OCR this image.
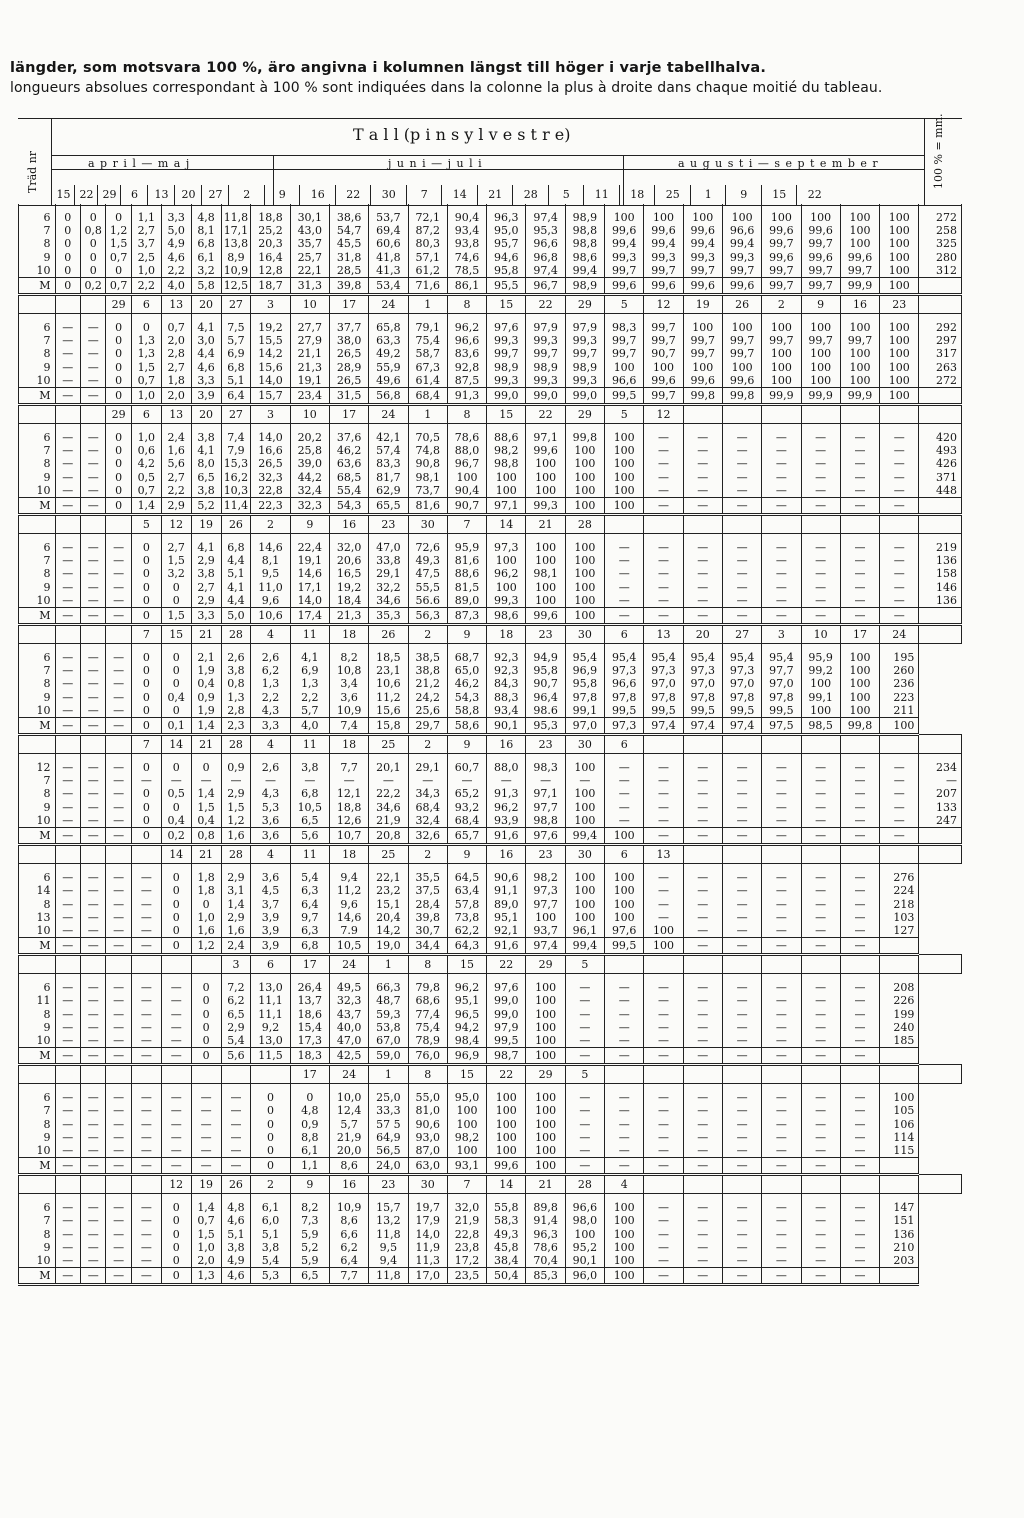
längder, som motsvara 100 %, äro angivna i kolumnen längst till höger i varje tabellhalva.
longueurs absolues correspondant à 100 % sont indiquées dans la colonne la plus à droite dans chaque moitié du tableau.
Träd nr
T a l l (p i n s y l v e s t r e)
a p r i l — m a j	j u n i — j u l i	a u g u s t i — s e p t e m b e r	100 % = mm.
15 22 29	6	13	20	27	2	9	16	22	30	7	14	21	28	5	11	18	25	1	9	15	22

6	0	0	0	1,1	3,3	4,8	11,8	18,8	30,1	38,6	53,7	72,1	90,4	96,3	97,4	98,9	100	100	100	100	100	100	100	100	272
7	0	0,8	1,2	2,7	5,0	8,1	17,1	25,2	43,0	54,7	69,4	87,2	93,4	95,0	95,3	98,8	99,6	99,6	99,6	96,6	99,6	99,6	100	100	258
8	0	0	1,5	3,7	4,9	6,8	13,8	20,3	35,7	45,5	60,6	80,3	93,8	95,7	96,6	98,8	99,4	99,4	99,4	99,4	99,7	99,7	100	100	325
9	0	0	0,7	2,5	4,6	6,1	8,9	16,4	25,7	31,8	41,8	57,1	74,6	94,6	96,8	98,6	99,3	99,3	99,3	99,3	99,6	99,6	99,6	100	280
10	0	0	0	1,0	2,2	3,2	10,9	12,8	22,1	28,5	41,3	61,2	78,5	95,8	97,4	99,4	99,7	99,7	99,7	99,7	99,7	99,7	99,7	100	312
M	0	0,2	0,7	2,2	4,0	5,8	12,5	18,7	31,3	39,8	53,4	71,6	86,1	95,5	96,7	98,9	99,6	99,6	99,6	99,6	99,7	99,7	99,9	100	
			29	6	13	20	27	3	10	17	24	1	8	15	22	29	5	12	19	26	2	9	16	23	
6	—	—	0	0	0,7	4,1	7,5	19,2	27,7	37,7	65,8	79,1	96,2	97,6	97,9	97,9	98,3	99,7	100	100	100	100	100	100	292
7	—	—	0	1,3	2,0	3,0	5,7	15,5	27,9	38,0	63,3	75,4	96,6	99,3	99,3	99,3	99,7	99,7	99,7	99,7	99,7	99,7	99,7	100	297
8	—	—	0	1,3	2,8	4,4	6,9	14,2	21,1	26,5	49,2	58,7	83,6	99,7	99,7	99,7	99,7	90,7	99,7	99,7	100	100	100	100	317
9	—	—	0	1,5	2,7	4,6	6,8	15,6	21,3	28,9	55,9	67,3	92,8	98,9	98,9	98,9	100	100	100	100	100	100	100	100	263
10	—	—	0	0,7	1,8	3,3	5,1	14,0	19,1	26,5	49,6	61,4	87,5	99,3	99,3	99,3	96,6	99,6	99,6	99,6	100	100	100	100	272
M	—	—	0	1,0	2,0	3,9	6,4	15,7	23,4	31,5	56,8	68,4	91,3	99,0	99,0	99,0	99,5	99,7	99,8	99,8	99,9	99,9	99,9	100	
			29	6	13	20	27	3	10	17	24	1	8	15	22	29	5	12							
6	—	—	0	1,0	2,4	3,8	7,4	14,0	20,2	37,6	42,1	70,5	78,6	88,6	97,1	99,8	100	—	—	—	—	—	—	—	420
7	—	—	0	0,6	1,6	4,1	7,9	16,6	25,8	46,2	57,4	74,8	88,0	98,2	99,6	100	100	—	—	—	—	—	—	—	493
8	—	—	0	4,2	5,6	8,0	15,3	26,5	39,0	63,6	83,3	90,8	96,7	98,8	100	100	100	—	—	—	—	—	—	—	426
9	—	—	0	0,5	2,7	6,5	16,2	32,3	44,2	68,5	81,7	98,1	100	100	100	100	100	—	—	—	—	—	—	—	371
10	—	—	0	0,7	2,2	3,8	10,3	22,8	32,4	55,4	62,9	73,7	90,4	100	100	100	100	—	—	—	—	—	—	—	448
M	—	—	0	1,4	2,9	5,2	11,4	22,3	32,3	54,3	65,5	81,6	90,7	97,1	99,3	100	100	—	—	—	—	—	—	—	
				5	12	19	26	2	9	16	23	30	7	14	21	28									
6	—	—	—	0	2,7	4,1	6,8	14,6	22,4	32,0	47,0	72,6	95,9	97,3	100	100	—	—	—	—	—	—	—	—	219
7	—	—	—	0	1,5	2,9	4,4	8,1	19,1	20,6	33,8	49,3	81,6	100	100	100	—	—	—	—	—	—	—	—	136
8	—	—	—	0	3,2	3,8	5,1	9,5	14,6	16,5	29,1	47,5	88,6	96,2	98,1	100	—	—	—	—	—	—	—	—	158
9	—	—	—	0	0	2,7	4,1	11,0	17,1	19,2	32,2	55,5	81,5	100	100	100	—	—	—	—	—	—	—	—	146
10	—	—	—	0	0	2,9	4,4	9,6	14,0	18,4	34,6	56.6	89,0	99,3	100	100	—	—	—	—	—	—	—	—	136
M	—	—	—	0	1,5	3,3	5,0	10,6	17,4	21,3	35,3	56,3	87,3	98,6	99,6	100	—	—	—	—	—	—	—	—	
				7	15	21	28	4	11	18	26	2	9	18	23	30	6	13	20	27	3	10	17	24	
6	—	—	—	0	0	2,1	2,6	2,6	4,1	8,2	18,5	38,5	68,7	92,3	94,9	95,4	95,4	95,4	95,4	95,4	95,4	95,9	100	195	
7	—	—	—	0	0	1,9	3,8	6,2	6,9	10,8	23,1	38,8	65,0	92,3	95,8	96,9	97,3	97,3	97,3	97,3	97,7	99,2	100	260	
8	—	—	—	0	0	0,4	0,8	1,3	1,3	3,4	10,6	21,2	46,2	84,3	90,7	95,8	96,6	97,0	97,0	97,0	97,0	100	100	236	
9	—	—	—	0	0,4	0,9	1,3	2,2	2,2	3,6	11,2	24,2	54,3	88,3	96,4	97,8	97,8	97,8	97,8	97,8	97,8	99,1	100	223	
10	—	—	—	0	0	1,9	2,8	4,3	5,7	10,9	15,6	25,6	58,8	93,4	98.6	99,1	99,5	99,5	99,5	99,5	99,5	100	100	211	
M	—	—	—	0	0,1	1,4	2,3	3,3	4,0	7,4	15,8	29,7	58,6	90,1	95,3	97,0	97,3	97,4	97,4	97,4	97,5	98,5	99,8	100	
				7	14	21	28	4	11	18	25	2	9	16	23	30	6								
12	—	—	—	0	0	0	0,9	2,6	3,8	7,7	20,1	29,1	60,7	88,0	98,3	100	—	—	—	—	—	—	—	—	234
7	—	—	—	—	—	—	—	—	—	—	—	—	—	—	—	—	—	—	—	—	—	—	—	—	—
8	—	—	—	0	0,5	1,4	2,9	4,3	6,8	12,1	22,2	34,3	65,2	91,3	97,1	100	—	—	—	—	—	—	—	—	207
9	—	—	—	0	0	1,5	1,5	5,3	10,5	18,8	34,6	68,4	93,2	96,2	97,7	100	—	—	—	—	—	—	—	—	133
10	—	—	—	0	0,4	0,4	1,2	3,6	6,5	12,6	21,9	32,4	68,4	93,9	98,8	100	—	—	—	—	—	—	—	—	247
M	—	—	—	0	0,2	0,8	1,6	3,6	5,6	10,7	20,8	32,6	65,7	91,6	97,6	99,4	100	—	—	—	—	—	—	—	
					14	21	28	4	11	18	25	2	9	16	23	30	6	13							
6	—	—	—	—	0	1,8	2,9	3,6	5,4	9,4	22,1	35,5	64,5	90,6	98,2	100	100	—	—	—	—	—	—	276	
14	—	—	—	—	0	1,8	3,1	4,5	6,3	11,2	23,2	37,5	63,4	91,1	97,3	100	100	—	—	—	—	—	—	224	
8	—	—	—	—	0	0	1,4	3,7	6,4	9,6	15,1	28,4	57,8	89,0	97,7	100	100	—	—	—	—	—	—	218	
13	—	—	—	—	0	1,0	2,9	3,9	9,7	14,6	20,4	39,8	73,8	95,1	100	100	100	—	—	—	—	—	—	103	
10	—	—	—	—	0	1,6	1,6	3,9	6,3	7.9	14,2	30,7	62,2	92,1	93,7	96,1	97,6	100	—	—	—	—	—	127	
M	—	—	—	—	0	1,2	2,4	3,9	6,8	10,5	19,0	34,4	64,3	91,6	97,4	99,4	99,5	100	—	—	—	—	—		
							3	6	17	24	1	8	15	22	29	5									
6	—	—	—	—	—	0	7,2	13,0	26,4	49,5	66,3	79,8	96,2	97,6	100	—	—	—	—	—	—	—	—	208	
11	—	—	—	—	—	0	6,2	11,1	13,7	32,3	48,7	68,6	95,1	99,0	100	—	—	—	—	—	—	—	—	226	
8	—	—	—	—	—	0	6,5	11,1	18,6	43,7	59,3	77,4	96,5	99,0	100	—	—	—	—	—	—	—	—	199	
9	—	—	—	—	—	0	2,9	9,2	15,4	40,0	53,8	75,4	94,2	97,9	100	—	—	—	—	—	—	—	—	240	
10	—	—	—	—	—	0	5,4	13,0	17,3	47,0	67,0	78,9	98,4	99,5	100	—	—	—	—	—	—	—	—	185	
M	—	—	—	—	—	0	5,6	11,5	18,3	42,5	59,0	76,0	96,9	98,7	100	—	—	—	—	—	—	—	—		
									17	24	1	8	15	22	29	5									
6	—	—	—	—	—	—	—	0	0	10,0	25,0	55,0	95,0	100	100	—	—	—	—	—	—	—	—	100	
7	—	—	—	—	—	—	—	0	4,8	12,4	33,3	81,0	100	100	100	—	—	—	—	—	—	—	—	105	
8	—	—	—	—	—	—	—	0	0,9	5,7	57 5	90,6	100	100	100	—	—	—	—	—	—	—	—	106	
9	—	—	—	—	—	—	—	0	8,8	21,9	64,9	93,0	98,2	100	100	—	—	—	—	—	—	—	—	114	
10	—	—	—	—	—	—	—	0	6,1	20,0	56,5	87,0	100	100	100	—	—	—	—	—	—	—	—	115	
M	—	—	—	—	—	—	—	0	1,1	8,6	24,0	63,0	93,1	99,6	100	—	—	—	—	—	—	—	—		
					12	19	26	2	9	16	23	30	7	14	21	28	4								
6	—	—	—	—	0	1,4	4,8	6,1	8,2	10,9	15,7	19,7	32,0	55,8	89,8	96,6	100	—	—	—	—	—	—	147	
7	—	—	—	—	0	0,7	4,6	6,0	7,3	8,6	13,2	17,9	21,9	58,3	91,4	98,0	100	—	—	—	—	—	—	151	
8	—	—	—	—	0	1,5	5,1	5,1	5,9	6,6	11,8	14,0	22,8	49,3	96,3	100	100	—	—	—	—	—	—	136	
9	—	—	—	—	0	1,0	3,8	3,8	5,2	6,2	9,5	11,9	23,8	45,8	78,6	95,2	100	—	—	—	—	—	—	210	
10	—	—	—	—	0	2,0	4,9	5,4	5,9	6,4	9,4	11,3	17,2	38,4	70,4	90,1	100	—	—	—	—	—	—	203	
M	—	—	—	—	0	1,3	4,6	5,3	6,5	7,7	11,8	17,0	23,5	50,4	85,3	96,0	100	—	—	—	—	—	—		
